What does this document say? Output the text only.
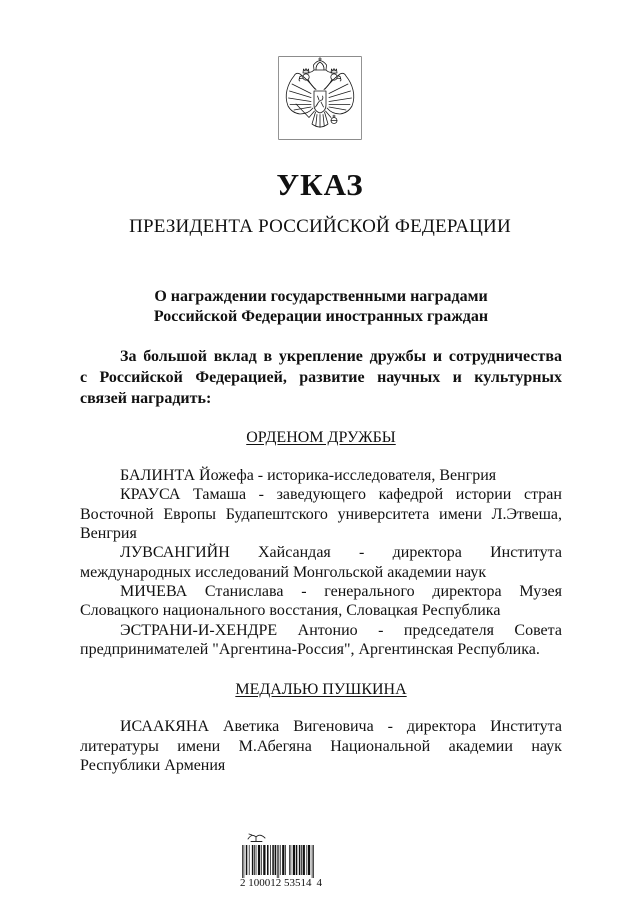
УКАЗ
ПРЕЗИДЕНТА РОССИЙСКОЙ ФЕДЕРАЦИИ
О награждении государственными наградами
Российской Федерации иностранных граждан
За большой вклад в укрепление дружбы и сотрудничества
с Российской Федерацией, развитие научных и культурных
связей наградить:
ОРДЕНОМ ДРУЖБЫ
БАЛИНТА Йожефа - историка-исследователя, Венгрия
КРАУСА Тамаша - заведующего кафедрой истории стран
Восточной Европы Будапештского университета имени Л.Этвеша,
Венгрия
ЛУВСАНГИЙН Хайсандая - директора Института
международных исследований Монгольской академии наук
МИЧЕВА Станислава - генерального директора Музея
Словацкого национального восстания, Словацкая Республика
ЭСТРАНИ-И-ХЕНДРЕ Антонио - председателя Совета
предпринимателей "Аргентина-Россия", Аргентинская Республика.
МЕДАЛЬЮ ПУШКИНА
ИСААКЯНА Аветика Вигеновича - директора Института
литературы имени М.Абегяна Национальной академии наук
Республики Армения
2 100012 53514 4
